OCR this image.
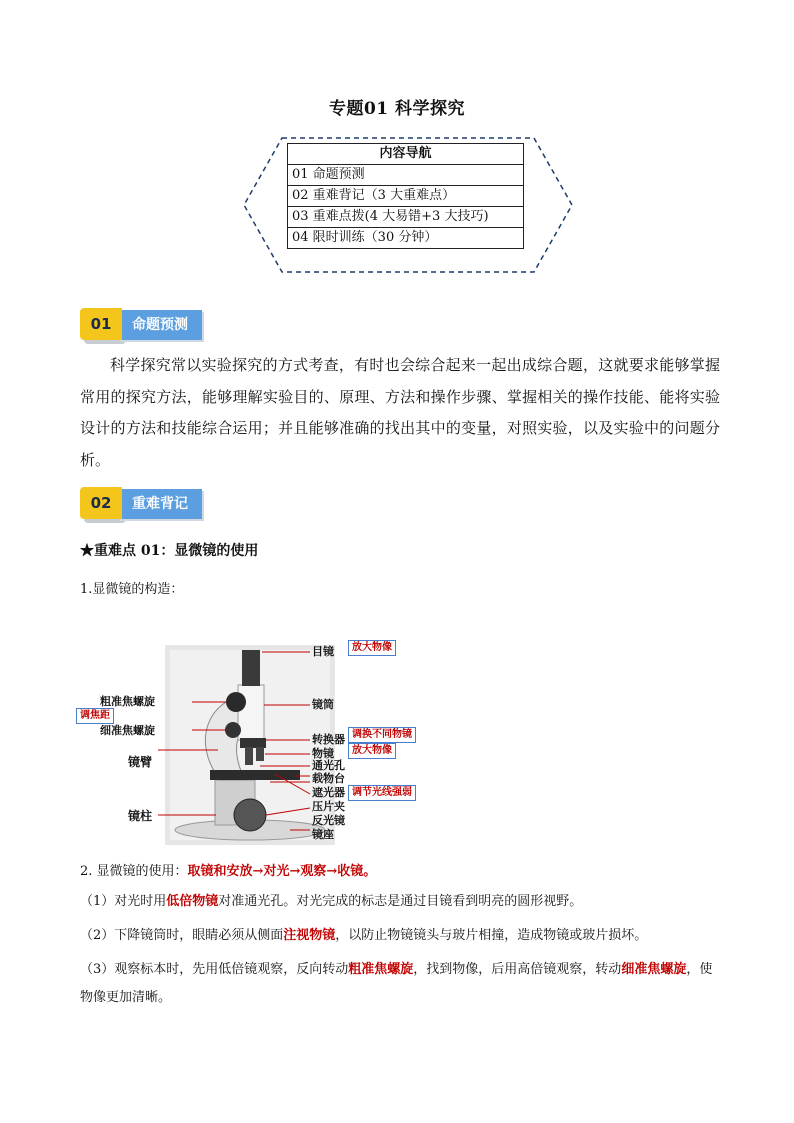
专题01 科学探究
内容导航
01 命题预测
02 重难背记（3 大重难点）
03 重难点拨(4 大易错+3 大技巧)
04 限时训练（30 分钟）
命题预测
01
科学探究常以实验探究的方式考查，有时也会综合起来一起出成综合题，这就要求能够掌握常用的探究方法，能够理解实验目的、原理、方法和操作步骤、掌握相关的操作技能、能将实验设计的方法和技能综合运用；并且能够准确的找出其中的变量，对照实验，以及实验中的问题分析。
重难背记
02
★重难点 01：显微镜的使用
1.显微镜的构造：
目镜
镜筒
转换器
物镜
通光孔
载物台
遮光器
压片夹
反光镜
镜座
粗准焦螺旋
细准焦螺旋
镜臂
镜柱
放大物像
调换不同物镜
放大物像
调节光线强弱
调焦距
2. 显微镜的使用：取镜和安放→对光→观察→收镜。
（1）对光时用低倍物镜对准通光孔。对光完成的标志是通过目镜看到明亮的圆形视野。
（2）下降镜筒时，眼睛必须从侧面注视物镜，以防止物镜镜头与玻片相撞，造成物镜或玻片损坏。
（3）观察标本时，先用低倍镜观察，反向转动粗准焦螺旋，找到物像，后用高倍镜观察，转动细准焦螺旋，使物像更加清晰。
